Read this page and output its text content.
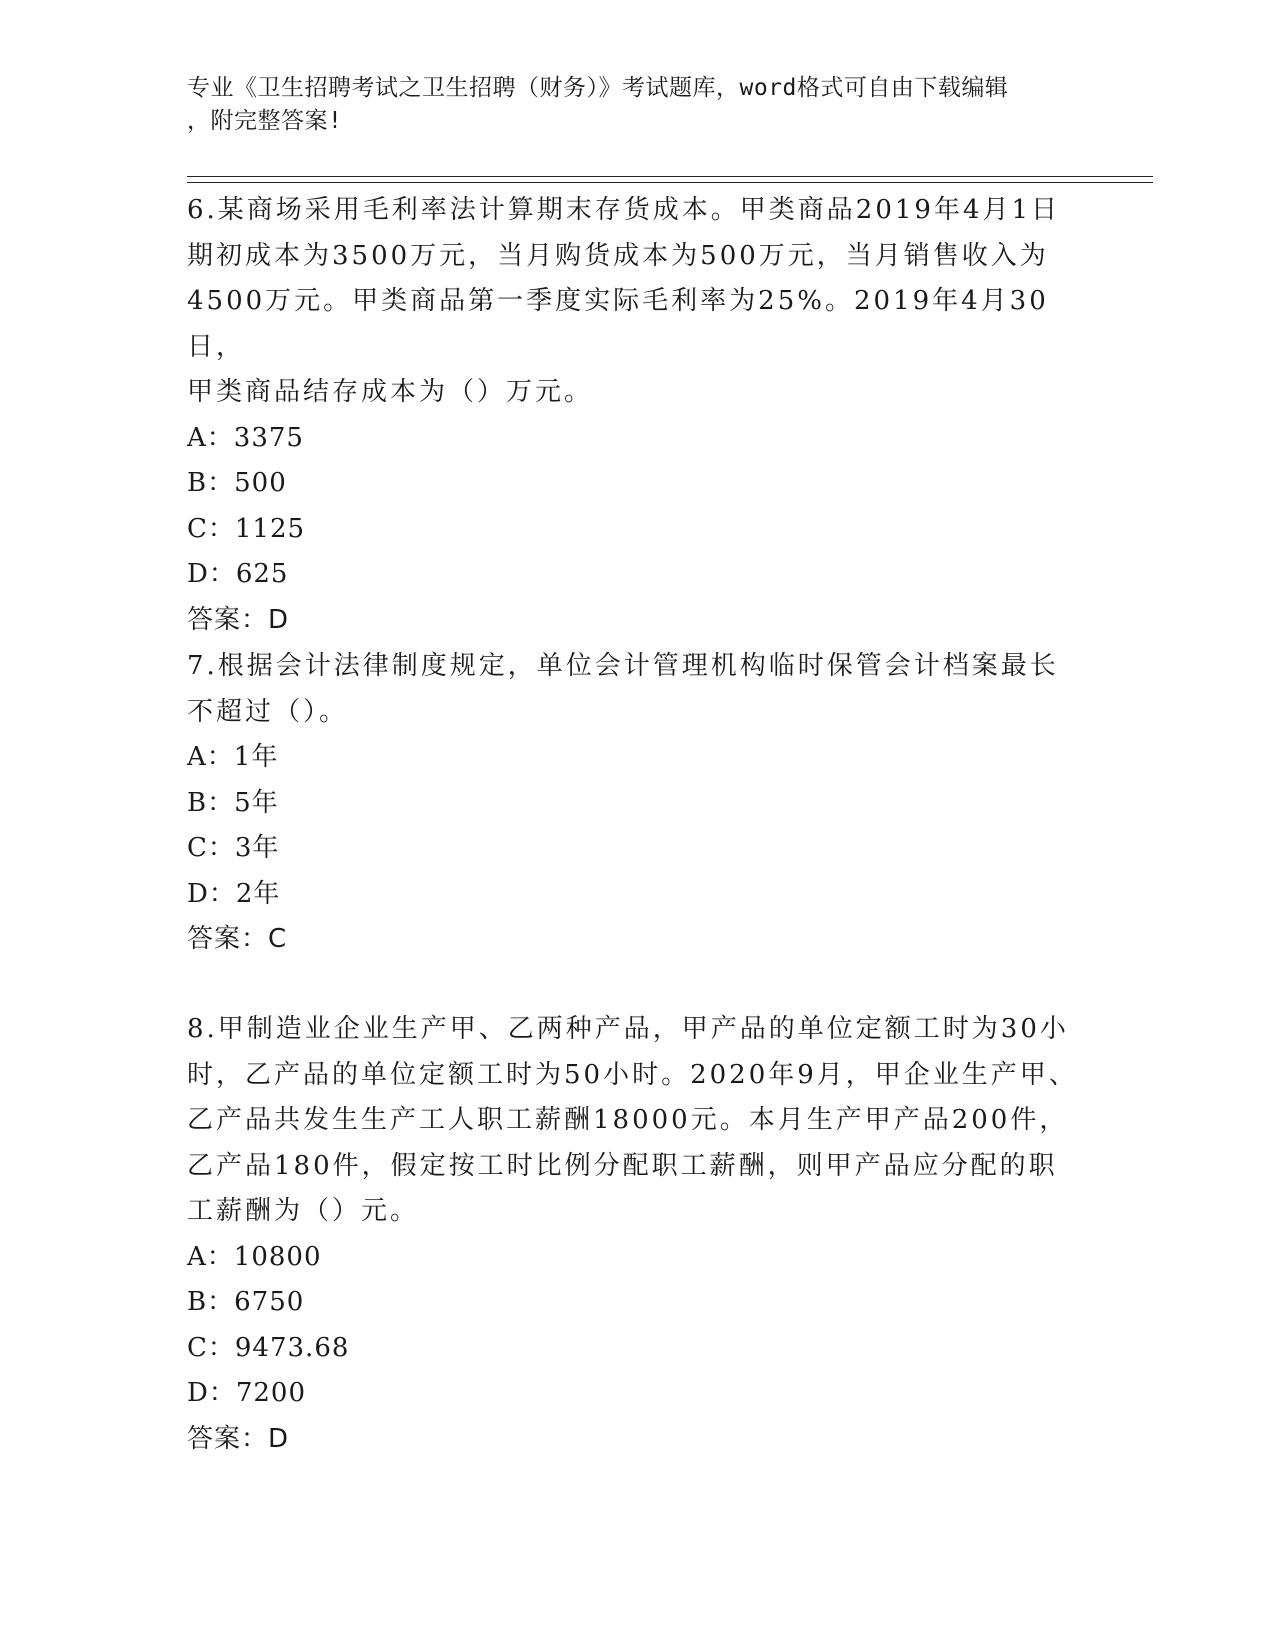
专业《卫生招聘考试之卫生招聘（财务）》考试题库，word格式可自由下载编辑
，附完整答案!

6.某商场采用毛利率法计算期末存货成本。甲类商品2019年4月1日

期初成本为3500万元，当月购货成本为500万元，当月销售收入为

4500万元。甲类商品第一季度实际毛利率为25%。2019年4月30日，

甲类商品结存成本为（）万元。

A：3375

B：500

C：1125

D：625

答案：D

7.根据会计法律制度规定，单位会计管理机构临时保管会计档案最长

不超过（）。

A：1年

B：5年

C：3年

D：2年

答案：C

8.甲制造业企业生产甲、乙两种产品，甲产品的单位定额工时为30小

时，乙产品的单位定额工时为50小时。2020年9月，甲企业生产甲、

乙产品共发生生产工人职工薪酬18000元。本月生产甲产品200件，

乙产品180件，假定按工时比例分配职工薪酬，则甲产品应分配的职

工薪酬为（）元。

A：10800

B：6750

C：9473.68

D：7200

答案：D
